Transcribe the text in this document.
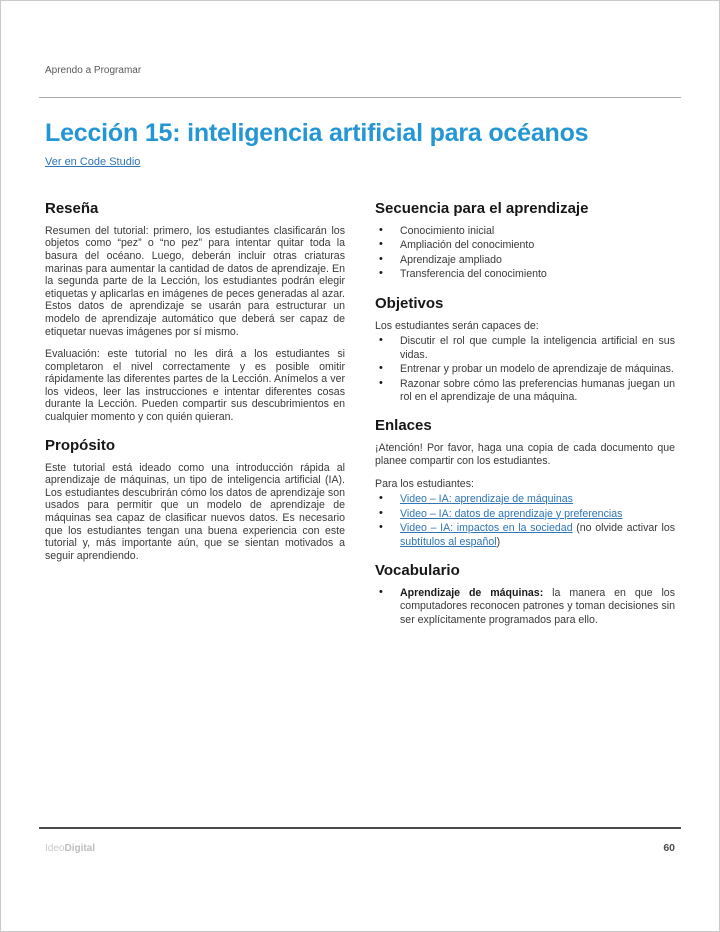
Aprendo a Programar
Lección 15: inteligencia artificial para océanos
Ver en Code Studio
Reseña

Resumen del tutorial: primero, los estudiantes clasificarán los objetos como “pez” o “no pez” para intentar quitar toda la basura del océano. Luego, deberán incluir otras criaturas marinas para aumentar la cantidad de datos de aprendizaje. En la segunda parte de la Lección, los estudiantes podrán elegir etiquetas y aplicarlas en imágenes de peces generadas al azar. Estos datos de aprendizaje se usarán para estructurar un modelo de aprendizaje automático que deberá ser capaz de etiquetar nuevas imágenes por sí mismo.

Evaluación: este tutorial no les dirá a los estudiantes si completaron el nivel correctamente y es posible omitir rápidamente las diferentes partes de la Lección. Anímelos a ver los videos, leer las instrucciones e intentar diferentes cosas durante la Lección. Pueden compartir sus descubrimientos en cualquier momento y con quién quieran.

Propósito

Este tutorial está ideado como una introducción rápida al aprendizaje de máquinas, un tipo de inteligencia artificial (IA). Los estudiantes descubrirán cómo los datos de aprendizaje son usados para permitir que un modelo de aprendizaje de máquinas sea capaz de clasificar nuevos datos. Es necesario que los estudiantes tengan una buena experiencia con este tutorial y, más importante aún, que se sientan motivados a seguir aprendiendo.

Secuencia para el aprendizaje
• Conocimiento inicial
• Ampliación del conocimiento
• Aprendizaje ampliado
• Transferencia del conocimiento
Objetivos

Los estudiantes serán capaces de:

• Discutir el rol que cumple la inteligencia artificial en sus vidas.
• Entrenar y probar un modelo de aprendizaje de máquinas.
• Razonar sobre cómo las preferencias humanas juegan un rol en el aprendizaje de una máquina.
Enlaces

¡Atención! Por favor, haga una copia de cada documento que planee compartir con los estudiantes.

Para los estudiantes:

• Video – IA: aprendizaje de máquinas
• Video – IA: datos de aprendizaje y preferencias
• Video – IA: impactos en la sociedad (no olvide activar los subtítulos al español)
Vocabulario
• Aprendizaje de máquinas: la manera en que los computadores reconocen patrones y toman decisiones sin ser explícitamente programados para ello.
IdeoDigital	60
